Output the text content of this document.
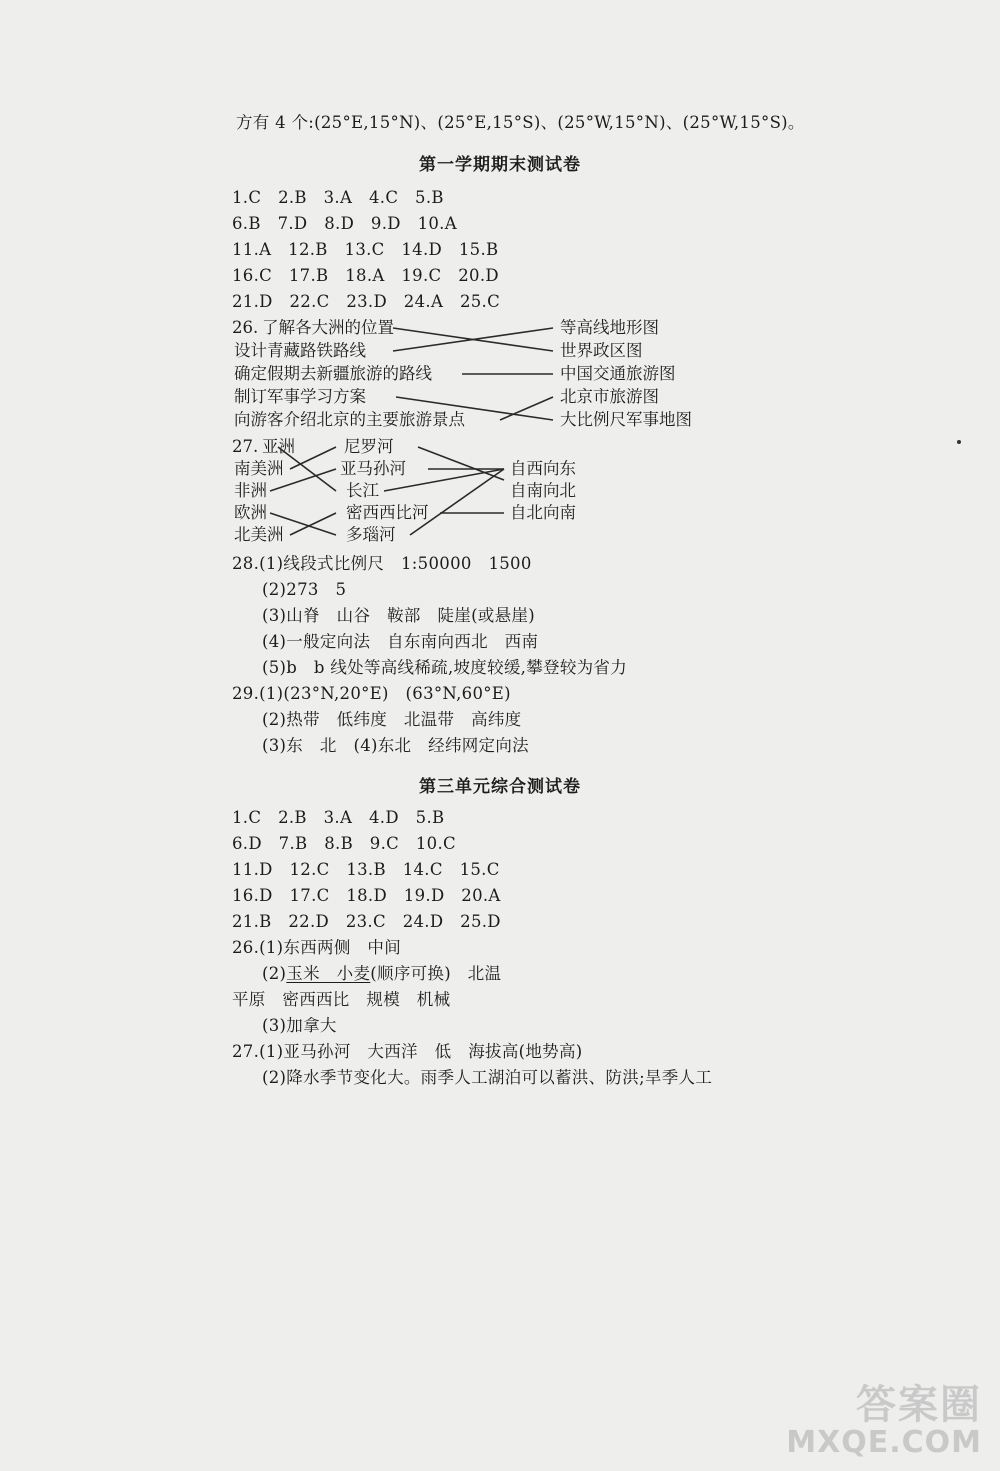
方有 4 个:(25°E,15°N)、(25°E,15°S)、(25°W,15°N)、(25°W,15°S)。
第一学期期末测试卷
1.C　2.B　3.A　4.C　5.B
6.B　7.D　8.D　9.D　10.A
11.A　12.B　13.C　14.D　15.B
16.C　17.B　18.A　19.C　20.D
21.D　22.C　23.D　24.A　25.C
26. 了解各大洲的位置
设计青藏路铁路线
确定假期去新疆旅游的路线
制订军事学习方案
向游客介绍北京的主要旅游景点
等高线地形图
世界政区图
中国交通旅游图
北京市旅游图
大比例尺军事地图
27. 亚洲
南美洲
非洲
欧洲
北美洲
尼罗河
亚马孙河
长江
密西西比河
多瑙河
自西向东
自南向北
自北向南
28.(1)线段式比例尺　1:50000　1500
(2)273　5
(3)山脊　山谷　鞍部　陡崖(或悬崖)
(4)一般定向法　自东南向西北　西南
(5)b　b 线处等高线稀疏,坡度较缓,攀登较为省力
29.(1)(23°N,20°E)　(63°N,60°E)
(2)热带　低纬度　北温带　高纬度
(3)东　北　(4)东北　经纬网定向法
第三单元综合测试卷
1.C　2.B　3.A　4.D　5.B
6.D　7.B　8.B　9.C　10.C
11.D　12.C　13.B　14.C　15.C
16.D　17.C　18.D　19.D　20.A
21.B　22.D　23.C　24.D　25.D
26.(1)东西两侧　中间
(2)玉米　小麦(顺序可换)　北温
平原　密西西比　规模　机械
(3)加拿大
27.(1)亚马孙河　大西洋　低　海拔高(地势高)
(2)降水季节变化大。雨季人工湖泊可以蓄洪、防洪;旱季人工
答案圈
MXQE.COM
